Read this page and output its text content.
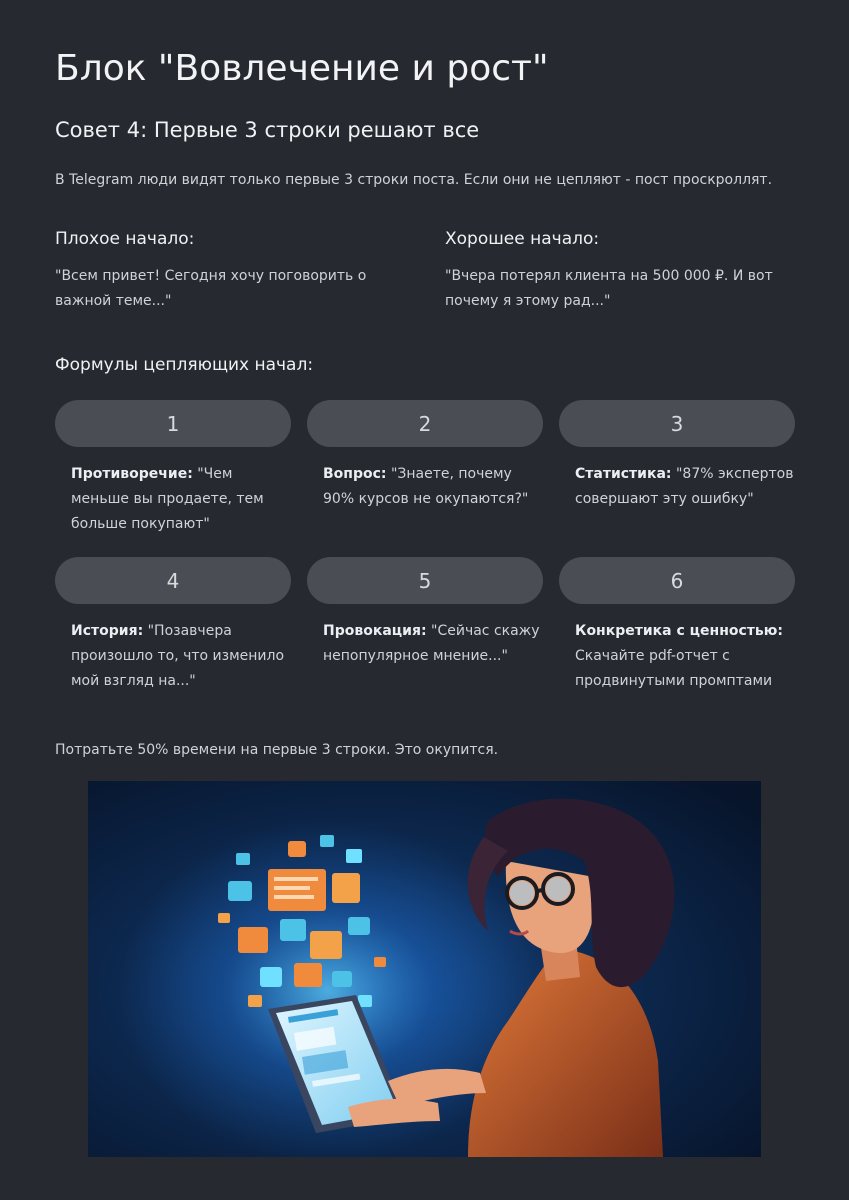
Блок "Вовлечение и рост"
Совет 4: Первые 3 строки решают все

В Telegram люди видят только первые 3 строки поста. Если они не цепляют - пост проскроллят.

Плохое начало:

"Всем привет! Сегодня хочу поговорить о важной теме..."

Хорошее начало:

"Вчера потерял клиента на 500 000 ₽. И вот почему я этому рад..."

Формулы цепляющих начал:
1
Противоречие: "Чем меньше вы продаете, тем больше покупают"
2
Вопрос: "Знаете, почему 90% курсов не окупаются?"
3
Статистика: "87% экспертов совершают эту ошибку"
4
История: "Позавчера произошло то, что изменило мой взгляд на..."
5
Провокация: "Сейчас скажу непопулярное мнение..."
6
Конкретика с ценностью: Скачайте pdf-отчет с продвинутыми промптами

Потратьте 50% времени на первые 3 строки. Это окупится.
